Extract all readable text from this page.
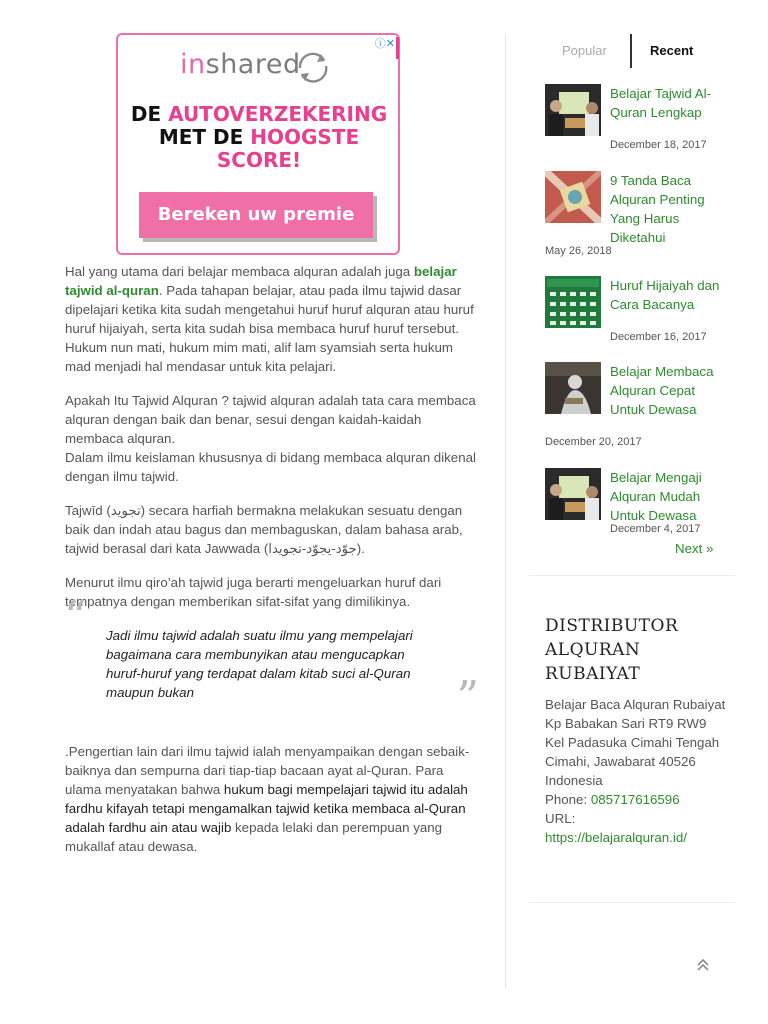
ⓘ✕
inshared
DE AUTOVERZEKERING
MET DE HOOGSTE
SCORE!
Bereken uw premie

Hal yang utama dari belajar membaca alquran adalah juga belajar tajwid al-quran. Pada tahapan belajar, atau pada ilmu tajwid dasar dipelajari ketika kita sudah mengetahui huruf huruf alquran atau huruf huruf hijaiyah, serta kita sudah bisa membaca huruf huruf tersebut. Hukum nun mati, hukum mim mati, alif lam syamsiah serta hukum mad menjadi hal mendasar untuk kita pelajari.

Apakah Itu Tajwid Alquran ? tajwid alquran adalah tata cara membaca alquran dengan baik dan benar, sesui dengan kaidah-kaidah membaca alquran.
Dalam ilmu keislaman khususnya di bidang membaca alquran dikenal dengan ilmu tajwid.

Tajwīd (تجويد) secara harfiah bermakna melakukan sesuatu dengan baik dan indah atau bagus dan membaguskan, dalam bahasa arab, tajwid berasal dari kata Jawwada (جوّد-يجوّد-تجويدا).

Menurut ilmu qiro’ah tajwid juga berarti mengeluarkan huruf dari tempatnya dengan memberikan sifat-sifat yang dimilikinya.

“ Jadi ilmu tajwid adalah suatu ilmu yang mempelajari bagaimana cara membunyikan atau mengucapkan huruf-huruf yang terdapat dalam kitab suci al-Quran maupun bukan	”

.Pengertian lain dari ilmu tajwid ialah menyampaikan dengan sebaik-baiknya dan sempurna dari tiap-tiap bacaan ayat al-Quran. Para ulama menyatakan bahwa hukum bagi mempelajari tajwid itu adalah fardhu kifayah tetapi mengamalkan tajwid ketika membaca al-Quran adalah fardhu ain atau wajib kepada lelaki dan perempuan yang mukallaf atau dewasa.

Popular	Recent
Belajar Tajwid Al-Quran Lengkap
December 18, 2017
9 Tanda Baca Alquran Penting Yang Harus Diketahui
May 26, 2018
Huruf Hijaiyah dan Cara Bacanya
December 16, 2017
Belajar Membaca Alquran Cepat Untuk Dewasa
December 20, 2017
Belajar Mengaji Alquran Mudah Untuk Dewasa
December 4, 2017
Next »
DISTRIBUTOR ALQURAN RUBAIYAT
Belajar Baca Alquran Rubaiyat
Kp Babakan Sari RT9 RW9
Kel Padasuka Cimahi Tengah
Cimahi, Jawabarat 40526
Indonesia
Phone: 085717616596
URL:
https://belajaralquran.id/
